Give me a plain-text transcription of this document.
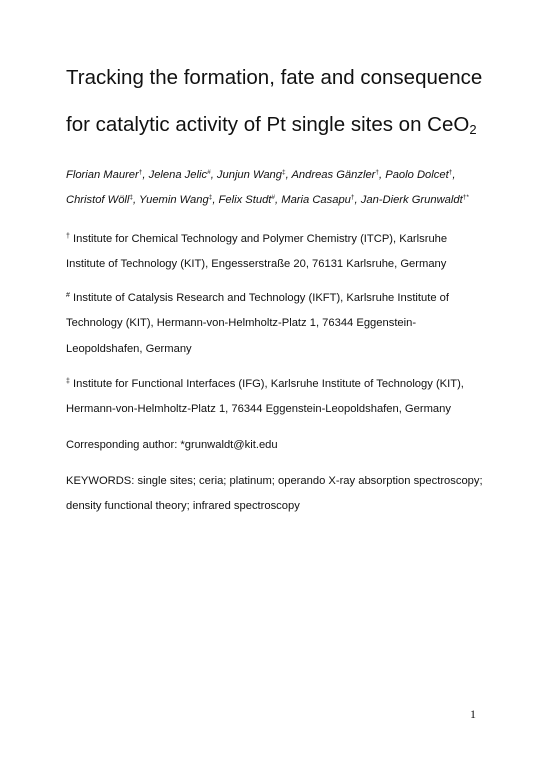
Tracking the formation, fate and consequence
for catalytic activity of Pt single sites on CeO$_2$
Florian Maurer†, Jelena Jelic#, Junjun Wang‡, Andreas Gänzler†, Paolo Dolcet†,
Christof Wöll‡, Yuemin Wang‡, Felix Studt#, Maria Casapu†, Jan-Dierk Grunwaldt†*
† Institute for Chemical Technology and Polymer Chemistry (ITCP), Karlsruhe
Institute of Technology (KIT), Engesserstraße 20, 76131 Karlsruhe, Germany
# Institute of Catalysis Research and Technology (IKFT), Karlsruhe Institute of
Technology (KIT), Hermann-von-Helmholtz-Platz 1, 76344 Eggenstein-
Leopoldshafen, Germany
‡ Institute for Functional Interfaces (IFG), Karlsruhe Institute of Technology (KIT),
Hermann-von-Helmholtz-Platz 1, 76344 Eggenstein-Leopoldshafen, Germany
Corresponding author: *grunwaldt@kit.edu
KEYWORDS: single sites; ceria; platinum; operando X-ray absorption spectroscopy;
density functional theory; infrared spectroscopy
1
